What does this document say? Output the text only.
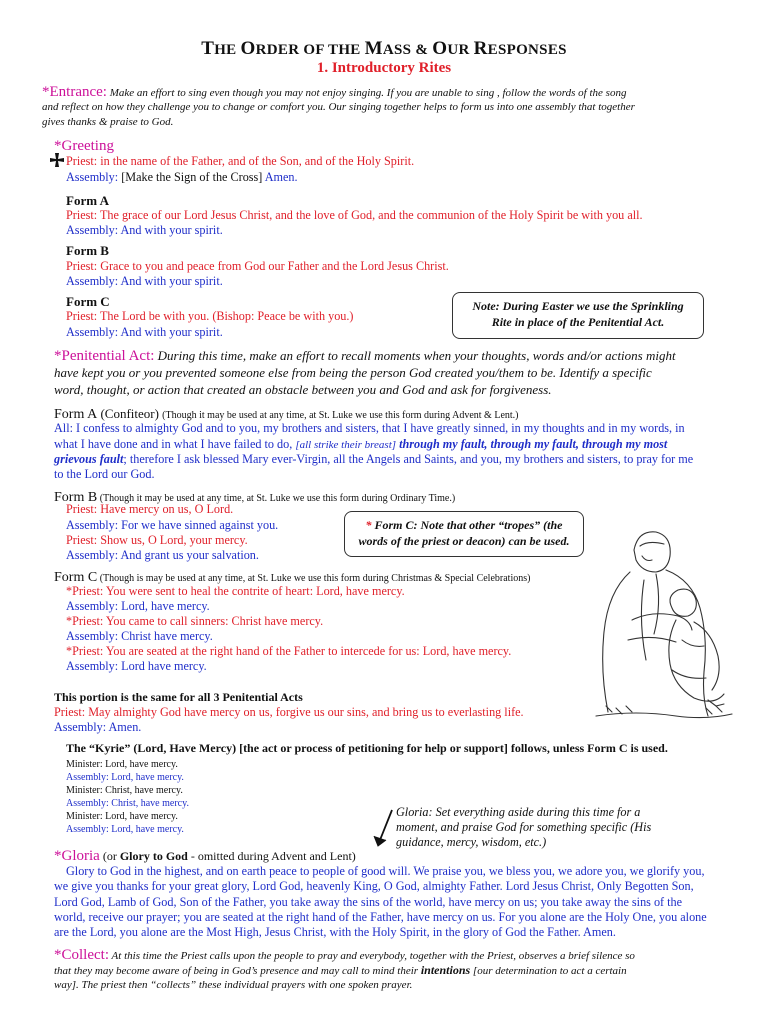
THE ORDER OF THE MASS & OUR RESPONSES
1. Introductory Rites
*Entrance: Make an effort to sing even though you may not enjoy singing. If you are unable to sing , follow the words of the song
and reflect on how they challenge you to change or comfort you. Our singing together helps to form us into one assembly that together
gives thanks & praise to God.
*Greeting
Priest: in the name of the Father, and of the Son, and of the Holy Spirit.
Assembly: [Make the Sign of the Cross] Amen.
Form A
Priest: The grace of our Lord Jesus Christ, and the love of God, and the communion of the Holy Spirit be with you all.
Assembly: And with your spirit.
Form B
Priest: Grace to you and peace from God our Father and the Lord Jesus Christ.
Assembly: And with your spirit.
Form C
Priest: The Lord be with you. (Bishop: Peace be with you.)
Assembly: And with your spirit.
Note: During Easter we use the Sprinkling
Rite in place of the Penitential Act.
*Penitential Act: During this time, make an effort to recall moments when your thoughts, words and/or actions might
have kept you or you prevented someone else from being the person God created you/them to be. Identify a specific
word, thought, or action that created an obstacle between you and God and ask for forgiveness.
Form A (Confiteor) (Though it may be used at any time, at St. Luke we use this form during Advent & Lent.)
All: I confess to almighty God and to you, my brothers and sisters, that I have greatly sinned, in my thoughts and in my words, in
what I have done and in what I have failed to do, [all strike their breast] through my fault, through my fault, through my most
grievous fault; therefore I ask blessed Mary ever-Virgin, all the Angels and Saints, and you, my brothers and sisters, to pray for me
to the Lord our God.
Form B (Though it may be used at any time, at St. Luke we use this form during Ordinary Time.)
Priest: Have mercy on us, O Lord.
Assembly: For we have sinned against you.
Priest: Show us, O Lord, your mercy.
Assembly: And grant us your salvation.
* Form C: Note that other “tropes” (the
words of the priest or deacon) can be used.
Form C (Though is may be used at any time, at St. Luke we use this form during Christmas & Special Celebrations)
*Priest: You were sent to heal the contrite of heart: Lord, have mercy.
Assembly: Lord, have mercy.
*Priest: You came to call sinners: Christ have mercy.
Assembly: Christ have mercy.
*Priest: You are seated at the right hand of the Father to intercede for us: Lord, have mercy.
Assembly: Lord have mercy.
This portion is the same for all 3 Penitential Acts
Priest: May almighty God have mercy on us, forgive us our sins, and bring us to everlasting life.
Assembly: Amen.
The “Kyrie” (Lord, Have Mercy) [the act or process of petitioning for help or support] follows, unless Form C is used.
Minister: Lord, have mercy.
Assembly: Lord, have mercy.
Minister: Christ, have mercy.
Assembly: Christ, have mercy.
Minister: Lord, have mercy.
Assembly: Lord, have mercy.
Gloria: Set everything aside during this time for a
moment, and praise God for something specific (His
guidance, mercy, wisdom, etc.)
*Gloria (or Glory to God - omitted during Advent and Lent)
Glory to God in the highest, and on earth peace to people of good will. We praise you, we bless you, we adore you, we glorify you,
we give you thanks for your great glory, Lord God, heavenly King, O God, almighty Father. Lord Jesus Christ, Only Begotten Son,
Lord God, Lamb of God, Son of the Father, you take away the sins of the world, have mercy on us; you take away the sins of the
world, receive our prayer; you are seated at the right hand of the Father, have mercy on us. For you alone are the Holy One, you alone
are the Lord, you alone are the Most High, Jesus Christ, with the Holy Spirit, in the glory of God the Father. Amen.
*Collect: At this time the Priest calls upon the people to pray and everybody, together with the Priest, observes a brief silence so
that they may become aware of being in God’s presence and may call to mind their intentions [our determination to act a certain
way]. The priest then “collects” these individual prayers with one spoken prayer.
